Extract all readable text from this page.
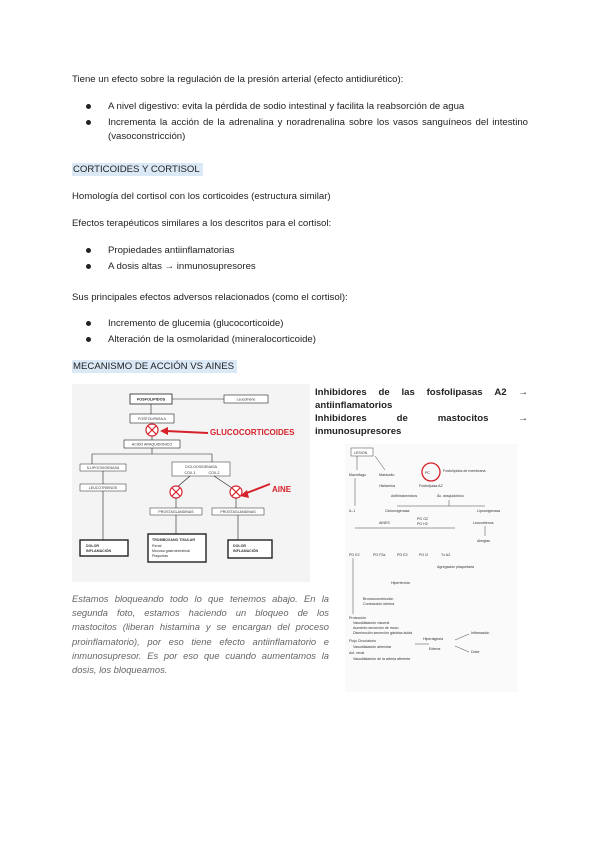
Tiene un efecto sobre la regulación de la presión arterial (efecto antidiurético):
A nivel digestivo: evita la pérdida de sodio intestinal y facilita la reabsorción de agua
Incrementa la acción de la adrenalina y noradrenalina sobre los vasos sanguíneos del intestino (vasoconstricción)
CORTICOIDES Y CORTISOL
Homología del cortisol con los corticoides (estructura similar)
Efectos terapéuticos similares a los descritos para el cortisol:
Propiedades antiinflamatorias
A dosis altas → inmunosupresores
Sus principales efectos adversos relacionados (como el cortisol):
Incremento de glucemia (glucocorticoide)
Alteración de la osmolaridad (mineralocorticoide)
MECANISMO DE ACCIÓN VS AINES
Inhibidores de las fosfolipasas A2 →
antiinflamatorios
Inhibidores	de	mastocitos	→
inmunosupresores
FOSFOLIPIDOS	Leucotriene
FOSFOLIPASA A
GLUCOCORTICOIDES
ACIDO ARAQUIDONICO
5-LIPOOXIGENASA	CICLOOXIGENASA
COX-1	COX-2
LEUCOTRIENOS	AINE
PROSTAGLANDINAS	PROSTAGLANDINAS
DOLOR
INFLAMACIÓN
TROMBOXANO TISULAR
Renal
Mucosa gastrointestinal
Plaquetas
DOLOR
INFLAMACIÓN
Estamos bloqueando todo lo que tenemos abajo. En la segunda foto, estamos haciendo un bloqueo de los mastocitos (liberan histamina y se encargan del proceso proinflamatorio), por eso tiene efecto antiinflamatorio e inmunosupresor. Es por eso que cuando aumentamos la dosis, los bloqueamos.
LESION
Macrófago	Mastocito	PC	Fosfolípidos de membrana
Histamina	Fosfolipasa A2
Antihistamínicos	Ác. araquidónico
IL-1	Ciclooxigenasa	Lipooxigenasa
AINES
PG G2
PG H2	Leucotrienos
Alergias
PG E2	PG F2a	PG E2	PG I2	Tx A2
Agregación plaquetaria
Hipertermia
Broncoconstricción
Contracción uterina
Protección
Vasodilatación visceral
Aumento secreción de moco
Disminución secreción gástrica ácida
Flujo Circulatorio
Vasodilatación arteriolar
Act. renal
Vasodilatación de la arteria aferente
Edema
Inflamación
Dolor
Hiperalgesia
